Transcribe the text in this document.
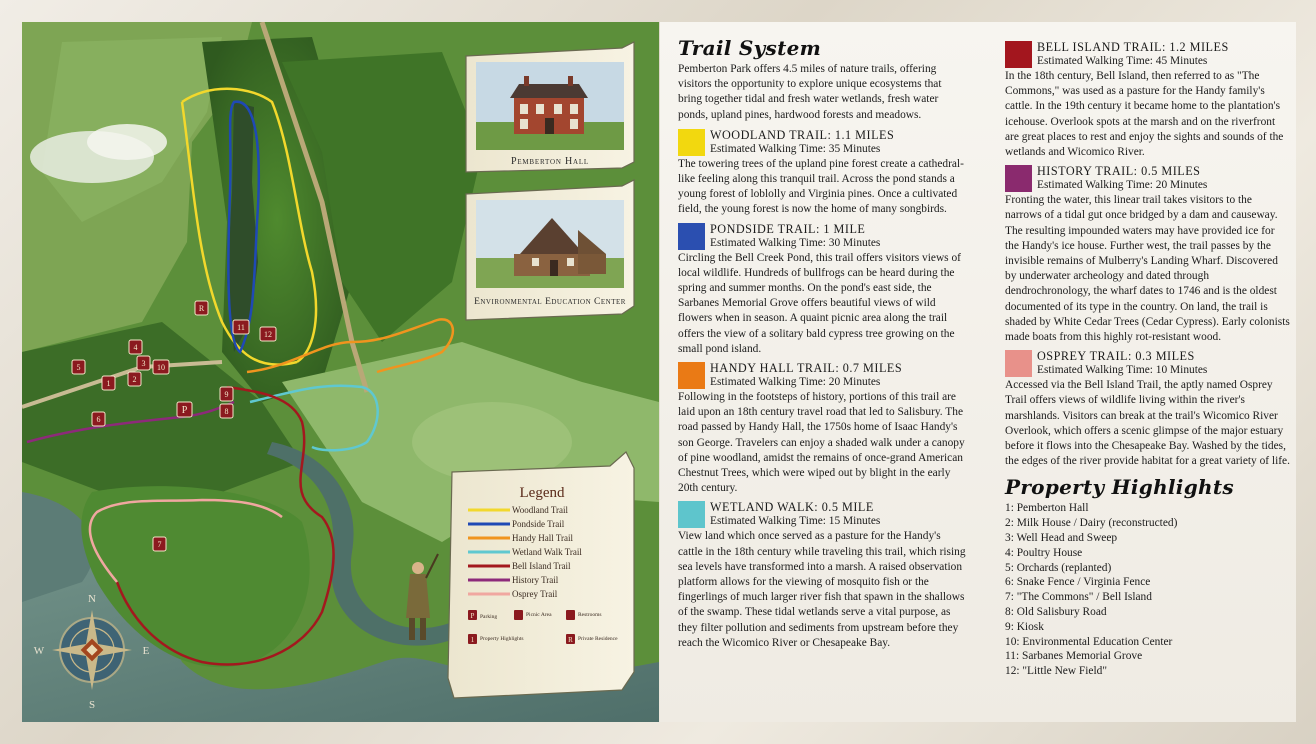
1	2
3
4
5
6
7
8
9
10
11
12
P
R
Pemberton Hall
Environmental Education Center
Legend
Woodland Trail
Pondside Trail
Handy Hall Trail
Wetland Walk Trail
Bell Island Trail
History Trail
Osprey Trail
P Parking	Picnic Area	Restrooms
1 Property Highlights	R Private Residence
N
S
E
W
Trail System
Pemberton Park offers 4.5 miles of nature trails, offering visitors the opportunity to explore unique ecosystems that bring together tidal and fresh water wetlands, fresh water ponds, upland pines, hardwood forests and meadows.
WOODLAND TRAIL: 1.1 MILES
Estimated Walking Time: 35 Minutes
The towering trees of the upland pine forest create a cathedral-like feeling along this tranquil trail. Across the pond stands a young forest of loblolly and Virginia pines. Once a cultivated field, the young forest is now the home of many songbirds.
PONDSIDE TRAIL: 1 MILE
Estimated Walking Time: 30 Minutes
Circling the Bell Creek Pond, this trail offers visitors views of local wildlife. Hundreds of bullfrogs can be heard during the spring and summer months. On the pond's east side, the Sarbanes Memorial Grove offers beautiful views of wild flowers when in season. A quaint picnic area along the trail offers the view of a solitary bald cypress tree growing on the small pond island.
HANDY HALL TRAIL: 0.7 MILES
Estimated Walking Time: 20 Minutes
Following in the footsteps of history, portions of this trail are laid upon an 18th century travel road that led to Salisbury. The road passed by Handy Hall, the 1750s home of Isaac Handy's son George. Travelers can enjoy a shaded walk under a canopy of pine woodland, amidst the remains of once-grand American Chestnut Trees, which were wiped out by blight in the early 20th century.
WETLAND WALK: 0.5 MILE
Estimated Walking Time: 15 Minutes
View land which once served as a pasture for the Handy's cattle in the 18th century while traveling this trail, which rising sea levels have transformed into a marsh. A raised observation platform allows for the viewing of mosquito fish or the fingerlings of much larger river fish that spawn in the shallows of the swamp. These tidal wetlands serve a vital purpose, as they filter pollution and sediments from upstream before they reach the Wicomico River or Chesapeake Bay.
BELL ISLAND TRAIL: 1.2 MILES
Estimated Walking Time: 45 Minutes
In the 18th century, Bell Island, then referred to as "The Commons," was used as a pasture for the Handy family's cattle. In the 19th century it became home to the plantation's icehouse. Overlook spots at the marsh and on the riverfront are great places to rest and enjoy the sights and sounds of the wetlands and Wicomico River.
HISTORY TRAIL: 0.5 MILES
Estimated Walking Time: 20 Minutes
Fronting the water, this linear trail takes visitors to the narrows of a tidal gut once bridged by a dam and causeway. The resulting impounded waters may have provided ice for the Handy's ice house. Further west, the trail passes by the invisible remains of Mulberry's Landing Wharf. Discovered by underwater archeology and dated through dendrochronology, the wharf dates to 1746 and is the oldest documented of its type in the country. On land, the trail is shaded by White Cedar Trees (Cedar Cypress). Early colonists made boats from this highly rot-resistant wood.
OSPREY TRAIL: 0.3 MILES
Estimated Walking Time: 10 Minutes
Accessed via the Bell Island Trail, the aptly named Osprey Trail offers views of wildlife living within the river's marshlands. Visitors can break at the trail's Wicomico River Overlook, which offers a scenic glimpse of the major estuary before it flows into the Chesapeake Bay. Washed by the tides, the edges of the river provide habitat for a great variety of life.
Property Highlights
1: Pemberton Hall
2: Milk House / Dairy (reconstructed)
3: Well Head and Sweep
4: Poultry House
5: Orchards (replanted)
6: Snake Fence / Virginia Fence
7: "The Commons" / Bell Island
8: Old Salisbury Road
9: Kiosk
10: Environmental Education Center
11: Sarbanes Memorial Grove
12: "Little New Field"
